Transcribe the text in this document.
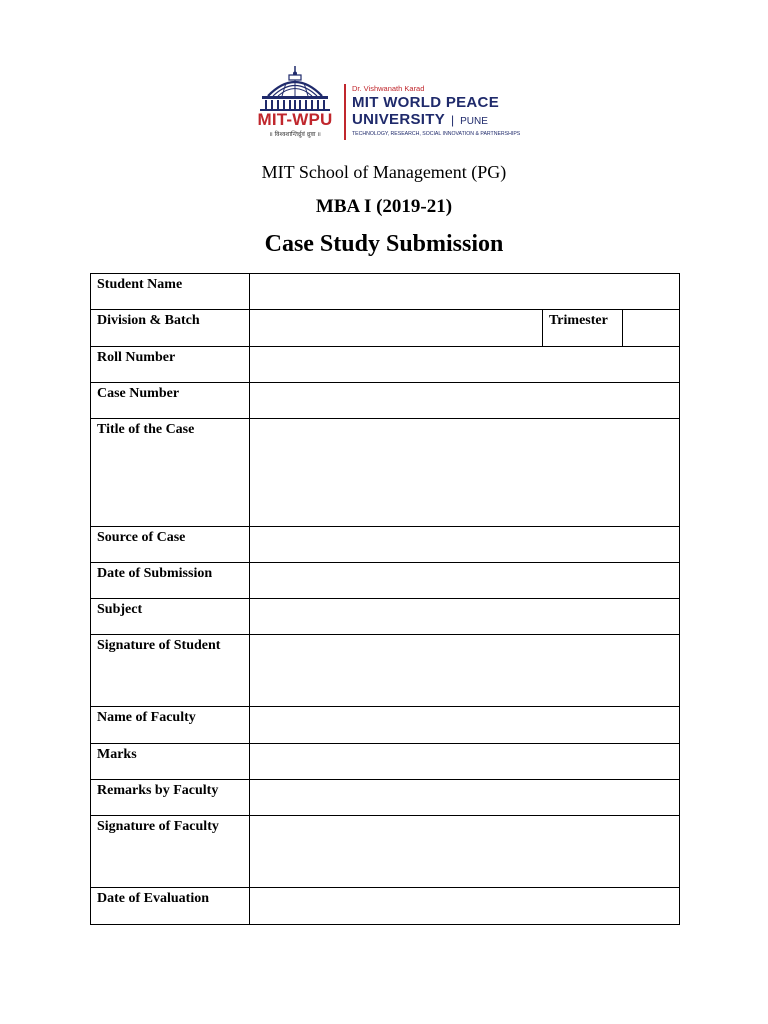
MIT-WPU
॥ विश्वशान्तिर्ध्रुवं ध्रुवा ॥
Dr. Vishwanath Karad
MIT WORLD PEACE
UNIVERSITY | PUNE
TECHNOLOGY, RESEARCH, SOCIAL INNOVATION & PARTNERSHIPS
MIT School of Management (PG)
MBA I (2019-21)
Case Study Submission
Student Name			
Division & Batch		Trimester	
Roll Number			
Case Number			
Title of the Case			
Source of Case			
Date of Submission			
Subject			
Signature of Student			
Name of Faculty			
Marks			
Remarks by Faculty			
Signature of Faculty			
Date of Evaluation			
